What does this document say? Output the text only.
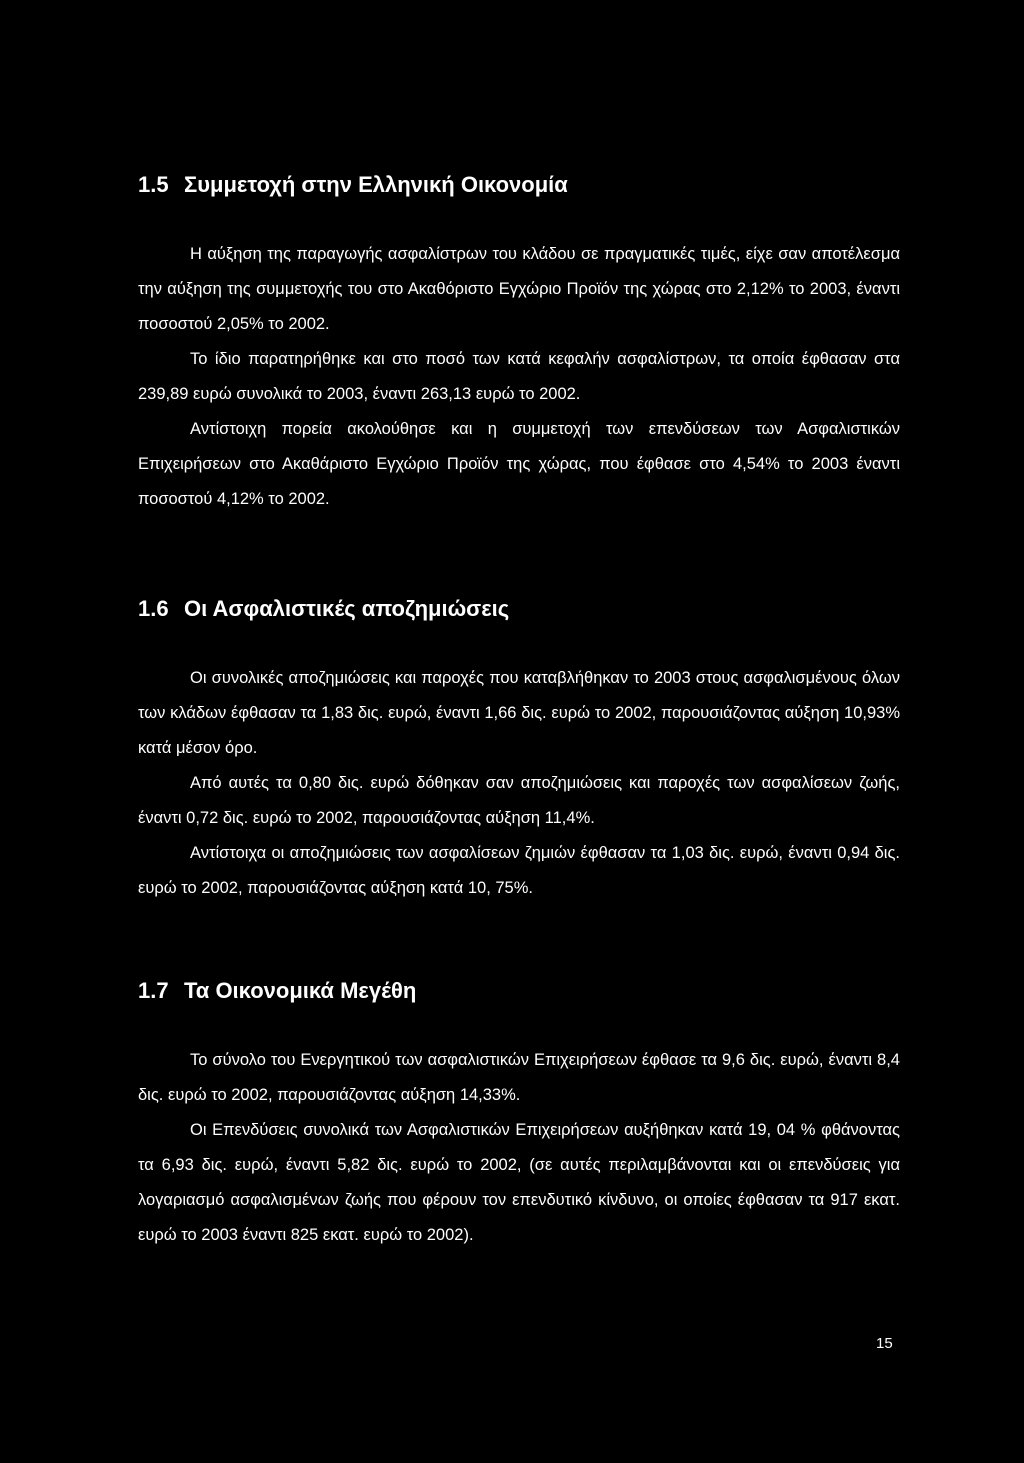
1.5 Συμμετοχή στην Ελληνική Οικονομία

Η αύξηση της παραγωγής ασφαλίστρων του κλάδου σε πραγματικές τιμές, είχε σαν αποτέλεσμα την αύξηση της συμμετοχής του στο Ακαθόριστο Εγχώριο Προϊόν της χώρας στο 2,12% το 2003, έναντι ποσοστού 2,05% το 2002.

Το ίδιο παρατηρήθηκε και στο ποσό των κατά κεφαλήν ασφαλίστρων, τα οποία έφθασαν στα 239,89 ευρώ συνολικά το 2003, έναντι 263,13 ευρώ το 2002.

Αντίστοιχη πορεία ακολούθησε και η συμμετοχή των επενδύσεων των Ασφαλιστικών Επιχειρήσεων στο Ακαθάριστο Εγχώριο Προϊόν της χώρας, που έφθασε στο 4,54% το 2003 έναντι ποσοστού 4,12% το 2002.

1.6 Οι Ασφαλιστικές αποζημιώσεις

Οι συνολικές αποζημιώσεις και παροχές που καταβλήθηκαν το 2003 στους ασφαλισμένους όλων των κλάδων έφθασαν τα 1,83 δις. ευρώ, έναντι 1,66 δις. ευρώ το 2002, παρουσιάζοντας αύξηση 10,93% κατά μέσον όρο.

Από αυτές τα 0,80 δις. ευρώ δόθηκαν σαν αποζημιώσεις και παροχές των ασφαλίσεων ζωής, έναντι 0,72 δις. ευρώ το 2002, παρουσιάζοντας αύξηση 11,4%.

Αντίστοιχα οι αποζημιώσεις των ασφαλίσεων ζημιών έφθασαν τα 1,03 δις. ευρώ, έναντι 0,94 δις. ευρώ το 2002, παρουσιάζοντας αύξηση κατά 10, 75%.

1.7 Τα Οικονομικά Μεγέθη

Το σύνολο του Ενεργητικού των ασφαλιστικών Επιχειρήσεων έφθασε τα 9,6 δις. ευρώ, έναντι 8,4 δις. ευρώ το 2002, παρουσιάζοντας αύξηση 14,33%.

Οι Επενδύσεις συνολικά των Ασφαλιστικών Επιχειρήσεων αυξήθηκαν κατά 19, 04 % φθάνοντας τα 6,93 δις. ευρώ, έναντι 5,82 δις. ευρώ το 2002, (σε αυτές περιλαμβάνονται και οι επενδύσεις για λογαριασμό ασφαλισμένων ζωής που φέρουν τον επενδυτικό κίνδυνο, οι οποίες έφθασαν τα 917 εκατ. ευρώ το 2003 έναντι 825 εκατ. ευρώ το 2002).

15
